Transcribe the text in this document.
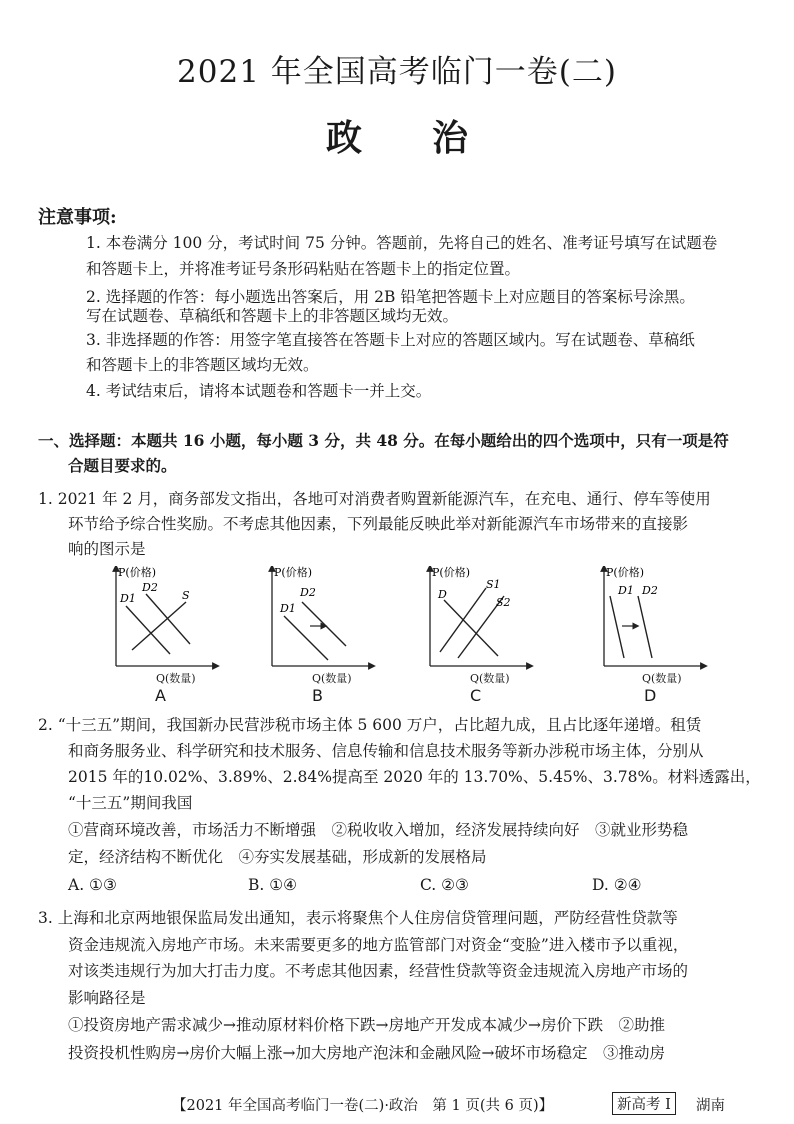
2021 年全国高考临门一卷(二)
政治
注意事项:
1. 本卷满分 100 分，考试时间 75 分钟。答题前，先将自己的姓名、准考证号填写在试题卷
和答题卡上，并将准考证号条形码粘贴在答题卡上的指定位置。
2. 选择题的作答：每小题选出答案后，用 2B 铅笔把答题卡上对应题目的答案标号涂黑。
写在试题卷、草稿纸和答题卡上的非答题区域均无效。
3. 非选择题的作答：用签字笔直接答在答题卡上对应的答题区域内。写在试题卷、草稿纸
和答题卡上的非答题区域均无效。
4. 考试结束后，请将本试题卷和答题卡一并上交。
一、选择题：本题共 16 小题，每小题 3 分，共 48 分。在每小题给出的四个选项中，只有一项是符
合题目要求的。
1. 2021 年 2 月，商务部发文指出，各地可对消费者购置新能源汽车，在充电、通行、停车等使用
环节给予综合性奖励。不考虑其他因素，下列最能反映此举对新能源汽车市场带来的直接影
响的图示是
P(价格)
D1
D2
S
Q(数量)
A
P(价格)
D1
D2
Q(数量)
B
P(价格)
D
S1
S2
Q(数量)
C
P(价格)
D1 D2
Q(数量)
D
2. “十三五”期间，我国新办民营涉税市场主体 5 600 万户，占比超九成，且占比逐年递增。租赁
和商务服务业、科学研究和技术服务、信息传输和信息技术服务等新办涉税市场主体，分别从
2015 年的10.02%、3.89%、2.84%提高至 2020 年的 13.70%、5.45%、3.78%。材料透露出，
“十三五”期间我国
①营商环境改善，市场活力不断增强　②税收收入增加，经济发展持续向好　③就业形势稳
定，经济结构不断优化　④夯实发展基础，形成新的发展格局
A. ①③	B. ①④	C. ②③	D. ②④
3. 上海和北京两地银保监局发出通知，表示将聚焦个人住房信贷管理问题，严防经营性贷款等
资金违规流入房地产市场。未来需要更多的地方监管部门对资金“变脸”进入楼市予以重视，
对该类违规行为加大打击力度。不考虑其他因素，经营性贷款等资金违规流入房地产市场的
影响路径是
①投资房地产需求减少→推动原材料价格下跌→房地产开发成本减少→房价下跌　②助推
投资投机性购房→房价大幅上涨→加大房地产泡沫和金融风险→破坏市场稳定　③推动房
【2021 年全国高考临门一卷(二)·政治　第 1 页(共 6 页)】	新高考 I	湖南
